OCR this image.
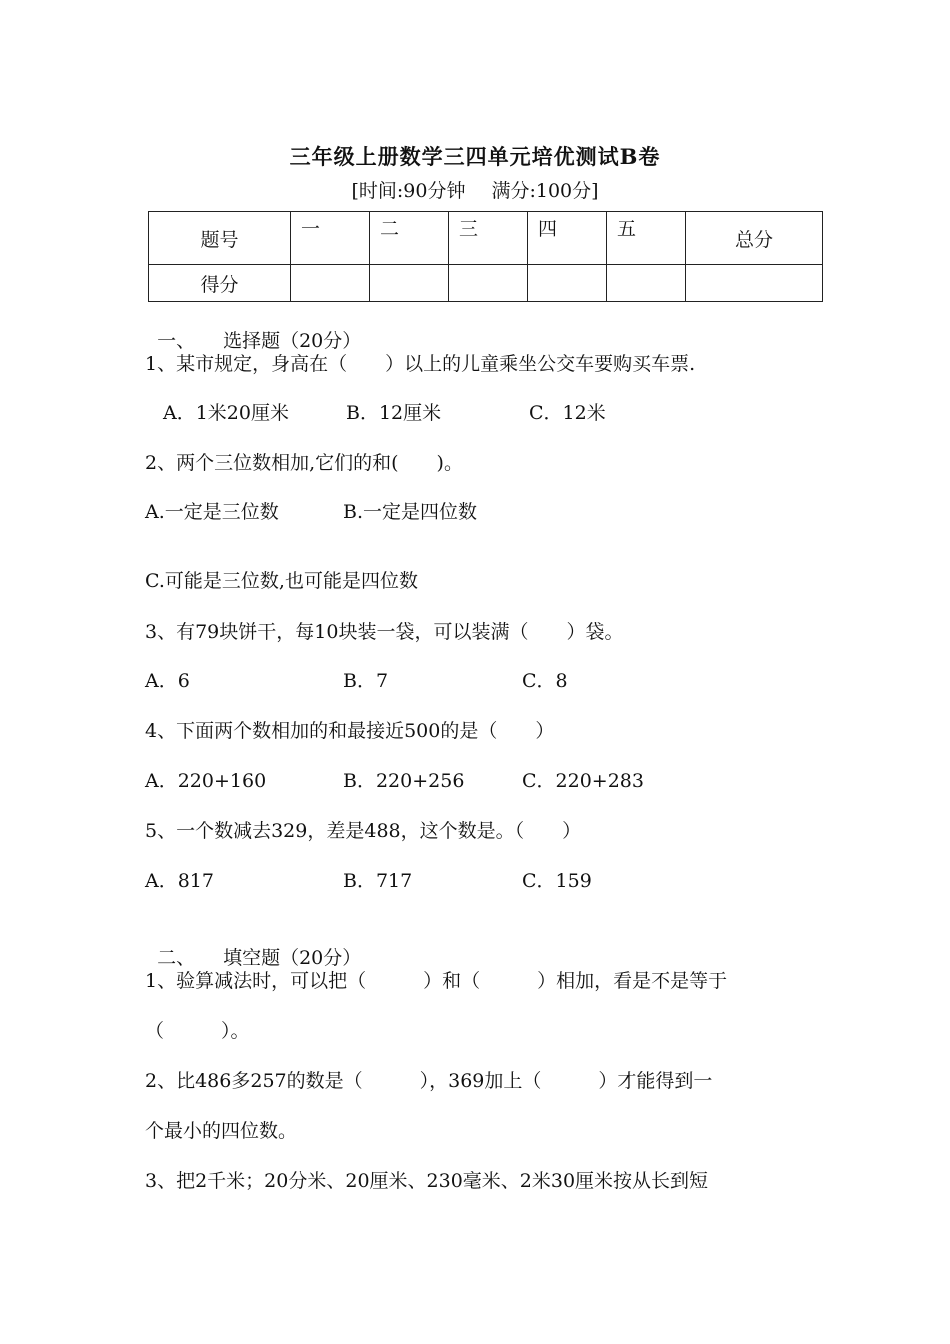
三年级上册数学三四单元培优测试B卷
[时间:90分钟 满分:100分]
题号	一	二	三	四	五	总分
得分						

一、 选择题（20分）

1、某市规定，身高在（　　）以上的儿童乘坐公交车要购买车票.
A．1米20厘米	B．12厘米	C．12米
2、两个三位数相加,它们的和(　　)。
A.一定是三位数	B.一定是四位数
C.可能是三位数,也可能是四位数
3、有79块饼干，每10块装一袋，可以装满（　　）袋。
A．6	B．7	C．8
4、下面两个数相加的和最接近500的是（　　）
A．220+160	B．220+256	C．220+283
5、一个数减去329，差是488，这个数是。（　　）
A．817	B．717	C．159

二、 填空题（20分）

1、验算减法时，可以把（　　　）和（　　　）相加，看是不是等于
（　　　）。
2、比486多257的数是（　　　），369加上（　　　）才能得到一
个最小的四位数。
3、把2千米；20分米、20厘米、230毫米、2米30厘米按从长到短
